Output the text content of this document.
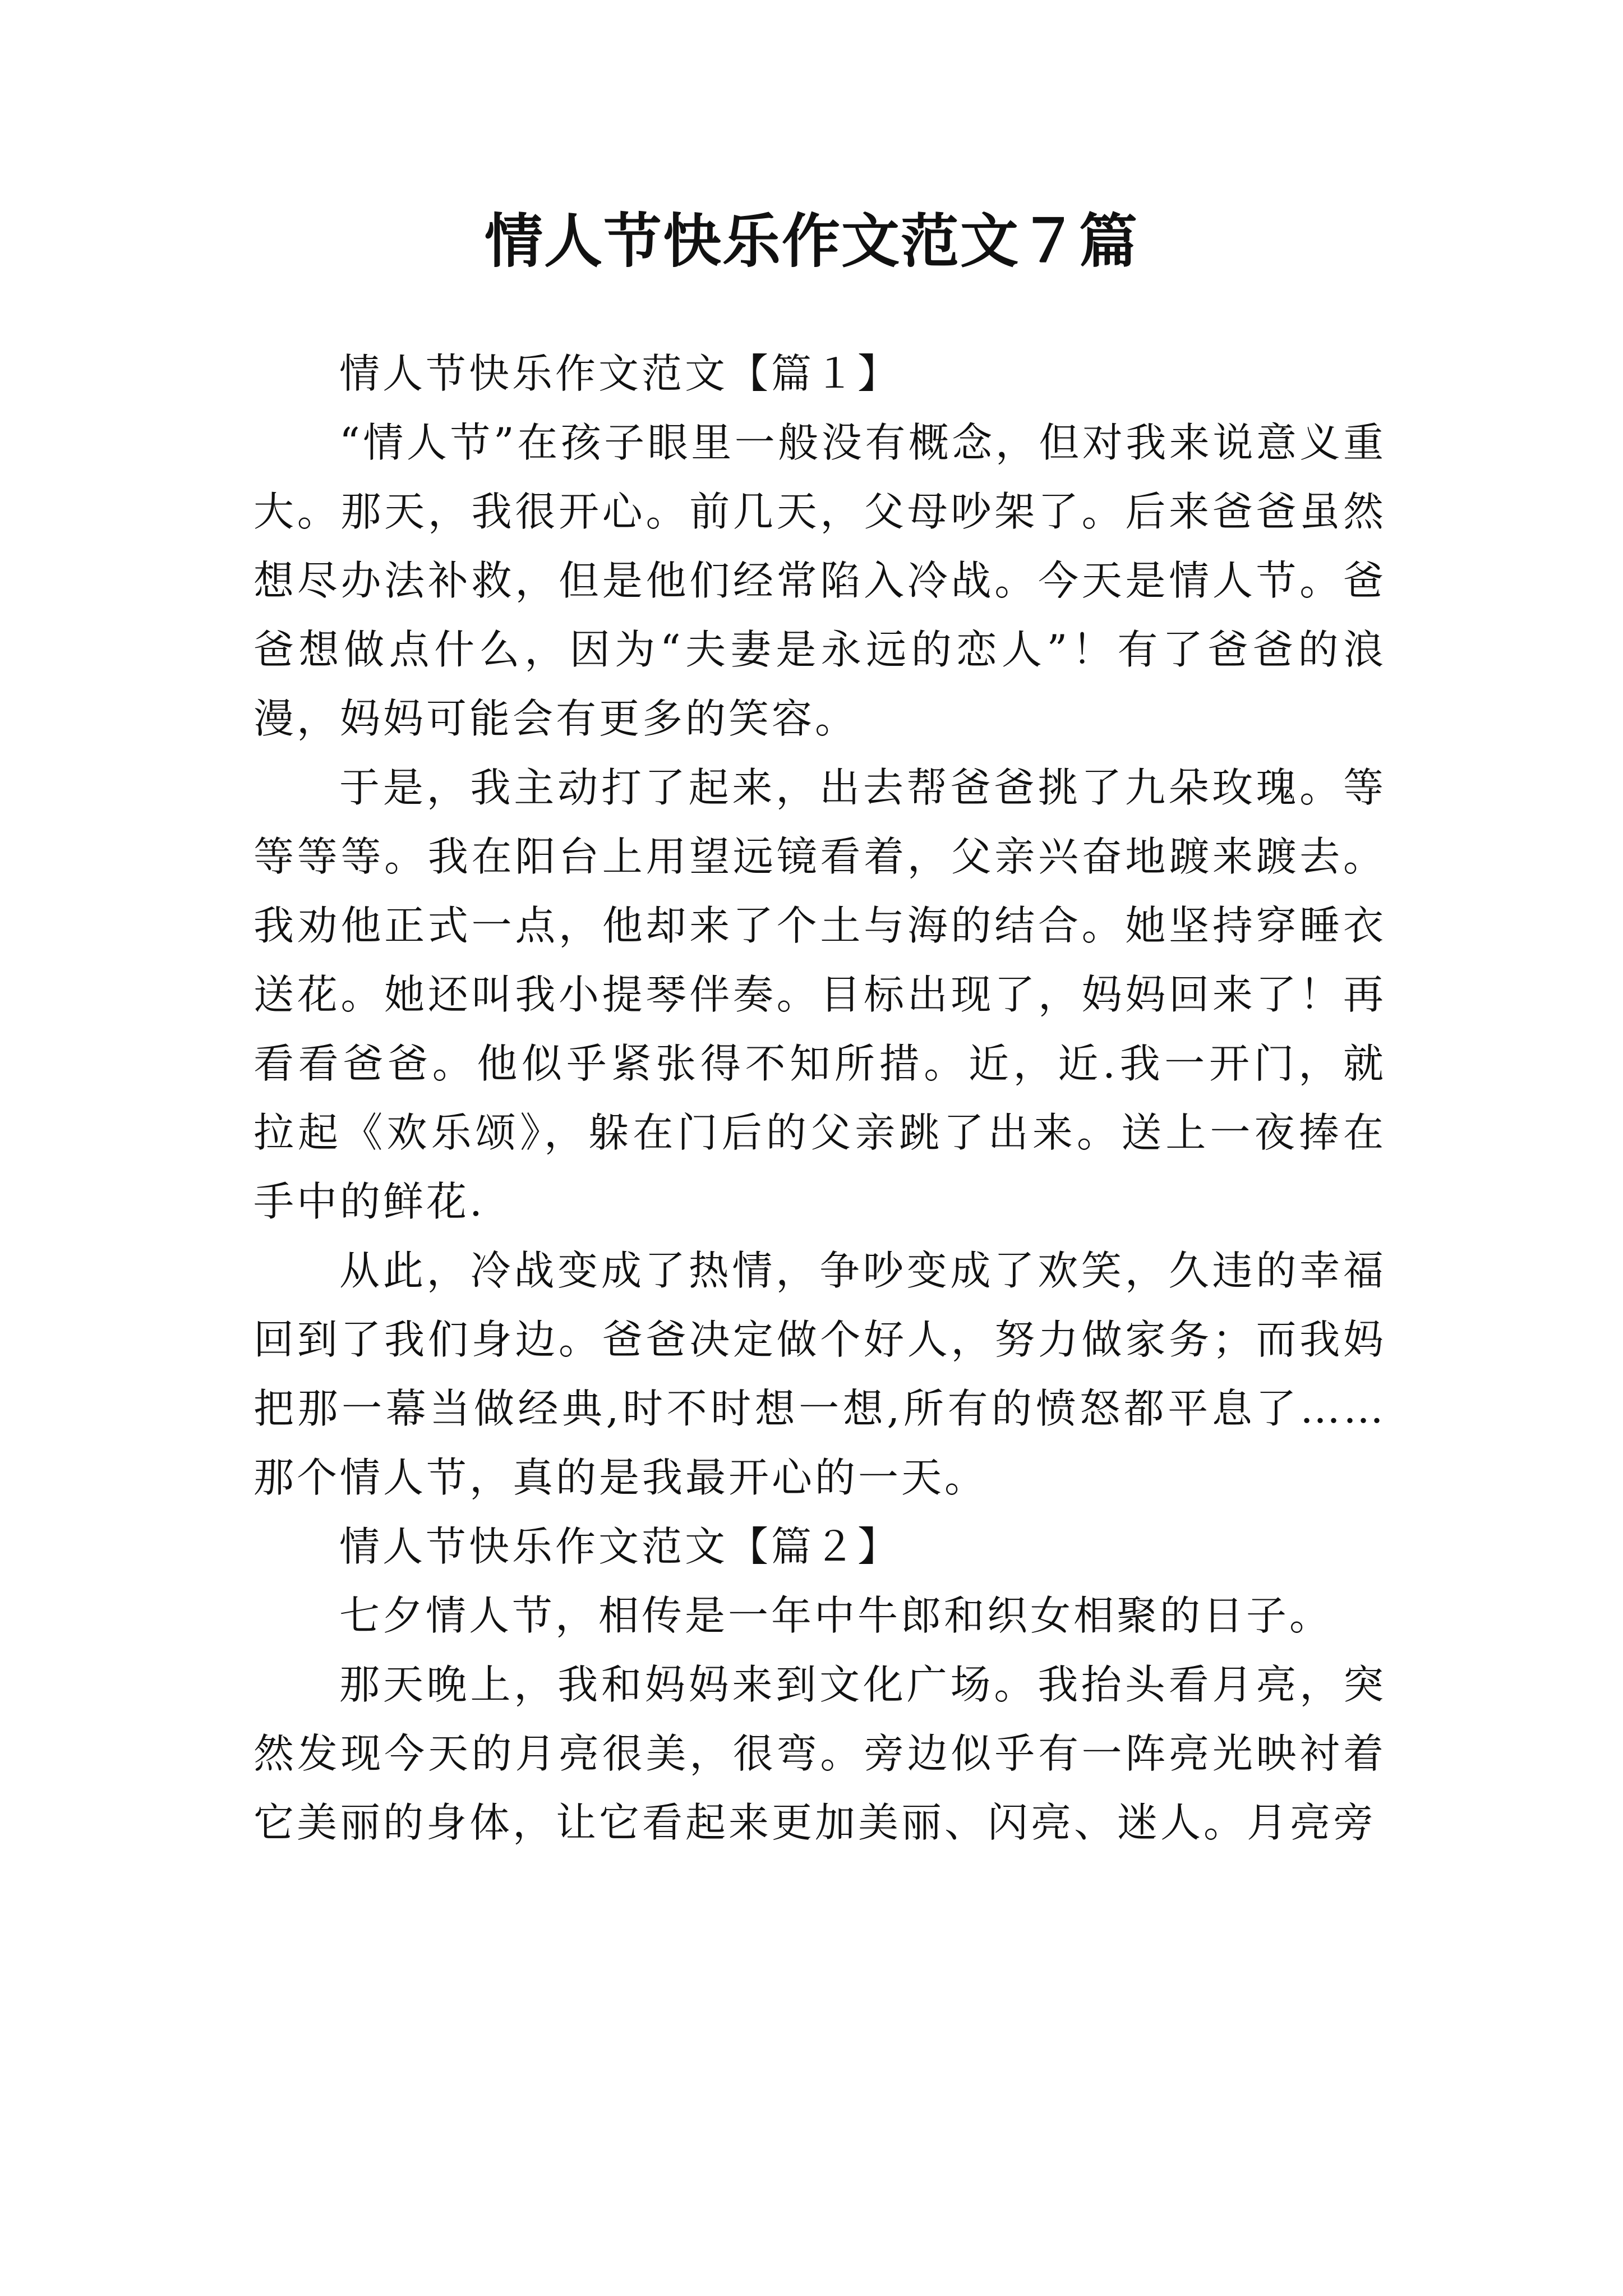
情人节快乐作文范文７篇

情人节快乐作文范文【篇１】

“情人节”在孩子眼里一般没有概念，但对我来说意义重大。那天，我很开心。前几天，父母吵架了。后来爸爸虽然想尽办法补救，但是他们经常陷入冷战。今天是情人节。爸爸想做点什么，因为“夫妻是永远的恋人”！有了爸爸的浪漫，妈妈可能会有更多的笑容。

于是，我主动打了起来，出去帮爸爸挑了九朵玫瑰。等等等等。我在阳台上用望远镜看着，父亲兴奋地踱来踱去。我劝他正式一点，他却来了个土与海的结合。她坚持穿睡衣送花。她还叫我小提琴伴奏。目标出现了，妈妈回来了！再看看爸爸。他似乎紧张得不知所措。近，近.我一开门，就拉起《欢乐颂》，躲在门后的父亲跳了出来。送上一夜捧在手中的鲜花.

从此，冷战变成了热情，争吵变成了欢笑，久违的幸福回到了我们身边。爸爸决定做个好人，努力做家务；而我妈把那一幕当做经典,时不时想一想,所有的愤怒都平息了……那个情人节，真的是我最开心的一天。

情人节快乐作文范文【篇２】

七夕情人节，相传是一年中牛郎和织女相聚的日子。

那天晚上，我和妈妈来到文化广场。我抬头看月亮，突然发现今天的月亮很美，很弯。旁边似乎有一阵亮光映衬着它美丽的身体，让它看起来更加美丽、闪亮、迷人。月亮旁
